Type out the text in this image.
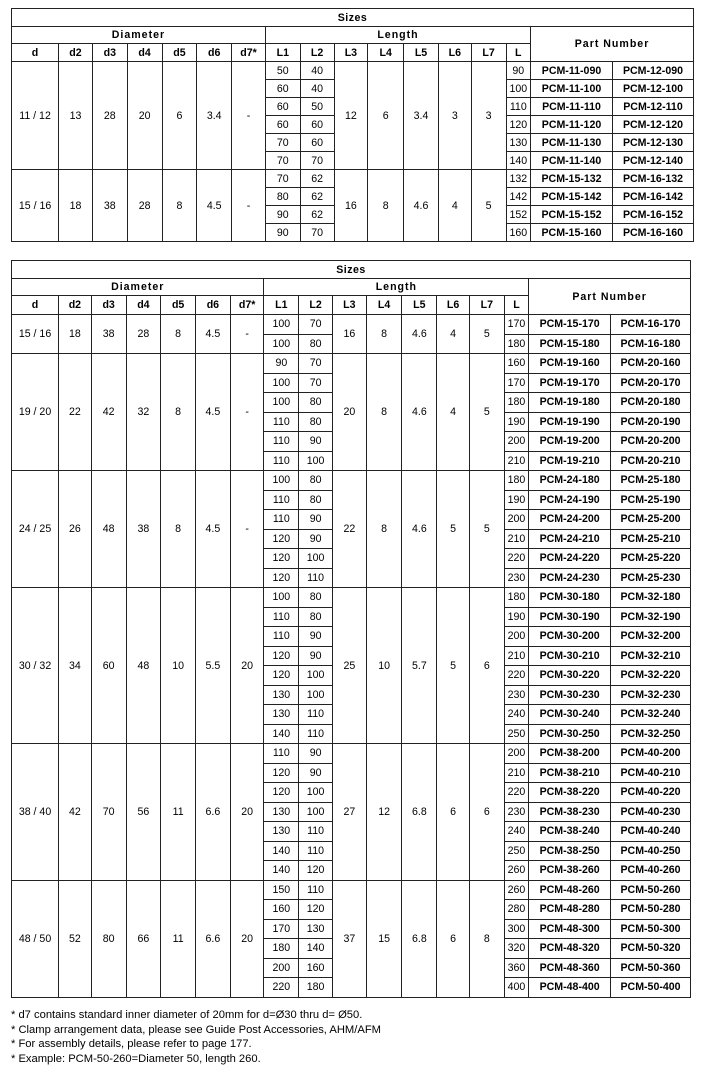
Sizes																
Diameter							Length								Part Number	
d	d2	d3	d4	d5	d6	d7*	L1	L2	L3	L4	L5	L6	L7	L		
11 / 12	13	28	20	6	3.4	-	50	40	12	6	3.4	3	3	90	PCM-11-090	PCM-12-090
							60	40						100	PCM-11-100	PCM-12-100
							60	50						110	PCM-11-110	PCM-12-110
							60	60						120	PCM-11-120	PCM-12-120
							70	60						130	PCM-11-130	PCM-12-130
							70	70						140	PCM-11-140	PCM-12-140
15 / 16	18	38	28	8	4.5	-	70	62	16	8	4.6	4	5	132	PCM-15-132	PCM-16-132
							80	62						142	PCM-15-142	PCM-16-142
							90	62						152	PCM-15-152	PCM-16-152
							90	70						160	PCM-15-160	PCM-16-160
Sizes																
Diameter							Length								Part Number	
d	d2	d3	d4	d5	d6	d7*	L1	L2	L3	L4	L5	L6	L7	L		
15 / 16	18	38	28	8	4.5	-	100	70	16	8	4.6	4	5	170	PCM-15-170	PCM-16-170
							100	80						180	PCM-15-180	PCM-16-180
19 / 20	22	42	32	8	4.5	-	90	70	20	8	4.6	4	5	160	PCM-19-160	PCM-20-160
							100	70						170	PCM-19-170	PCM-20-170
							100	80						180	PCM-19-180	PCM-20-180
							110	80						190	PCM-19-190	PCM-20-190
							110	90						200	PCM-19-200	PCM-20-200
							110	100						210	PCM-19-210	PCM-20-210
24 / 25	26	48	38	8	4.5	-	100	80	22	8	4.6	5	5	180	PCM-24-180	PCM-25-180
							110	80						190	PCM-24-190	PCM-25-190
							110	90						200	PCM-24-200	PCM-25-200
							120	90						210	PCM-24-210	PCM-25-210
							120	100						220	PCM-24-220	PCM-25-220
							120	110						230	PCM-24-230	PCM-25-230
30 / 32	34	60	48	10	5.5	20	100	80	25	10	5.7	5	6	180	PCM-30-180	PCM-32-180
							110	80						190	PCM-30-190	PCM-32-190
							110	90						200	PCM-30-200	PCM-32-200
							120	90						210	PCM-30-210	PCM-32-210
							120	100						220	PCM-30-220	PCM-32-220
							130	100						230	PCM-30-230	PCM-32-230
							130	110						240	PCM-30-240	PCM-32-240
							140	110						250	PCM-30-250	PCM-32-250
38 / 40	42	70	56	11	6.6	20	110	90	27	12	6.8	6	6	200	PCM-38-200	PCM-40-200
							120	90						210	PCM-38-210	PCM-40-210
							120	100						220	PCM-38-220	PCM-40-220
							130	100						230	PCM-38-230	PCM-40-230
							130	110						240	PCM-38-240	PCM-40-240
							140	110						250	PCM-38-250	PCM-40-250
							140	120						260	PCM-38-260	PCM-40-260
48 / 50	52	80	66	11	6.6	20	150	110	37	15	6.8	6	8	260	PCM-48-260	PCM-50-260
							160	120						280	PCM-48-280	PCM-50-280
							170	130						300	PCM-48-300	PCM-50-300
							180	140						320	PCM-48-320	PCM-50-320
							200	160						360	PCM-48-360	PCM-50-360
							220	180						400	PCM-48-400	PCM-50-400
* d7 contains standard inner diameter of 20mm for d=Ø30 thru d= Ø50.
* Clamp arrangement data, please see Guide Post Accessories, AHM/AFM
* For assembly details, please refer to page 177.
* Example: PCM-50-260=Diameter 50, length 260.
